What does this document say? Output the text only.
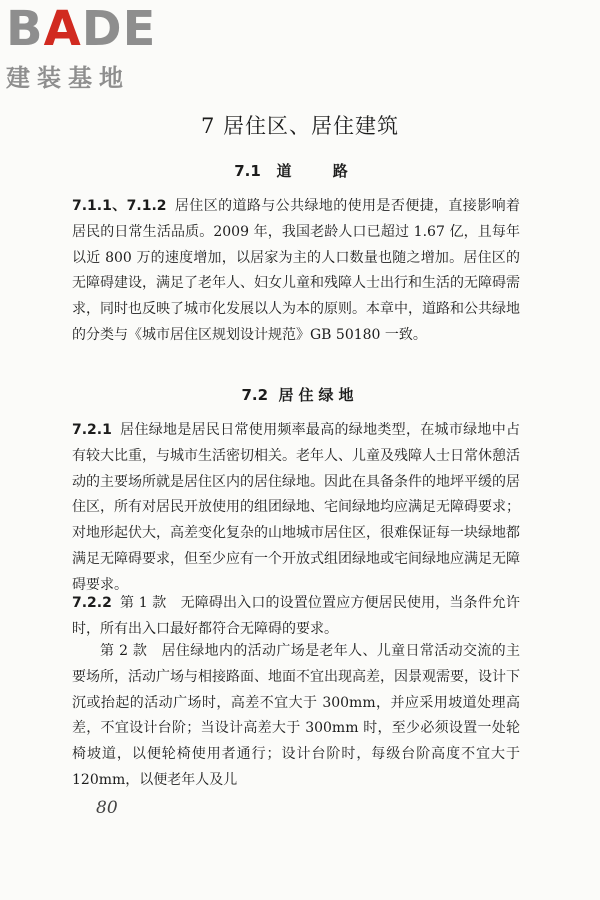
BADE
建装基地
7 居住区、居住建筑
7.1 道 路
7.1.1、7.1.2 居住区的道路与公共绿地的使用是否便捷，直接影响着居民的日常生活品质。2009 年，我国老龄人口已超过 1.67 亿，且每年以近 800 万的速度增加，以居家为主的人口数量也随之增加。居住区的无障碍建设，满足了老年人、妇女儿童和残障人士出行和生活的无障碍需求，同时也反映了城市化发展以人为本的原则。本章中，道路和公共绿地的分类与《城市居住区规划设计规范》GB 50180 一致。
7.2 居住绿地
7.2.1 居住绿地是居民日常使用频率最高的绿地类型，在城市绿地中占有较大比重，与城市生活密切相关。老年人、儿童及残障人士日常休憩活动的主要场所就是居住区内的居住绿地。因此在具备条件的地坪平缓的居住区，所有对居民开放使用的组团绿地、宅间绿地均应满足无障碍要求；对地形起伏大，高差变化复杂的山地城市居住区，很难保证每一块绿地都满足无障碍要求，但至少应有一个开放式组团绿地或宅间绿地应满足无障碍要求。
7.2.2 第 1 款　无障碍出入口的设置位置应方便居民使用，当条件允许时，所有出入口最好都符合无障碍的要求。
第 2 款　居住绿地内的活动广场是老年人、儿童日常活动交流的主要场所，活动广场与相接路面、地面不宜出现高差，因景观需要，设计下沉或抬起的活动广场时，高差不宜大于 300mm，并应采用坡道处理高差，不宜设计台阶；当设计高差大于 300mm 时，至少必须设置一处轮椅坡道，以便轮椅使用者通行；设计台阶时，每级台阶高度不宜大于 120mm，以便老年人及儿
80
